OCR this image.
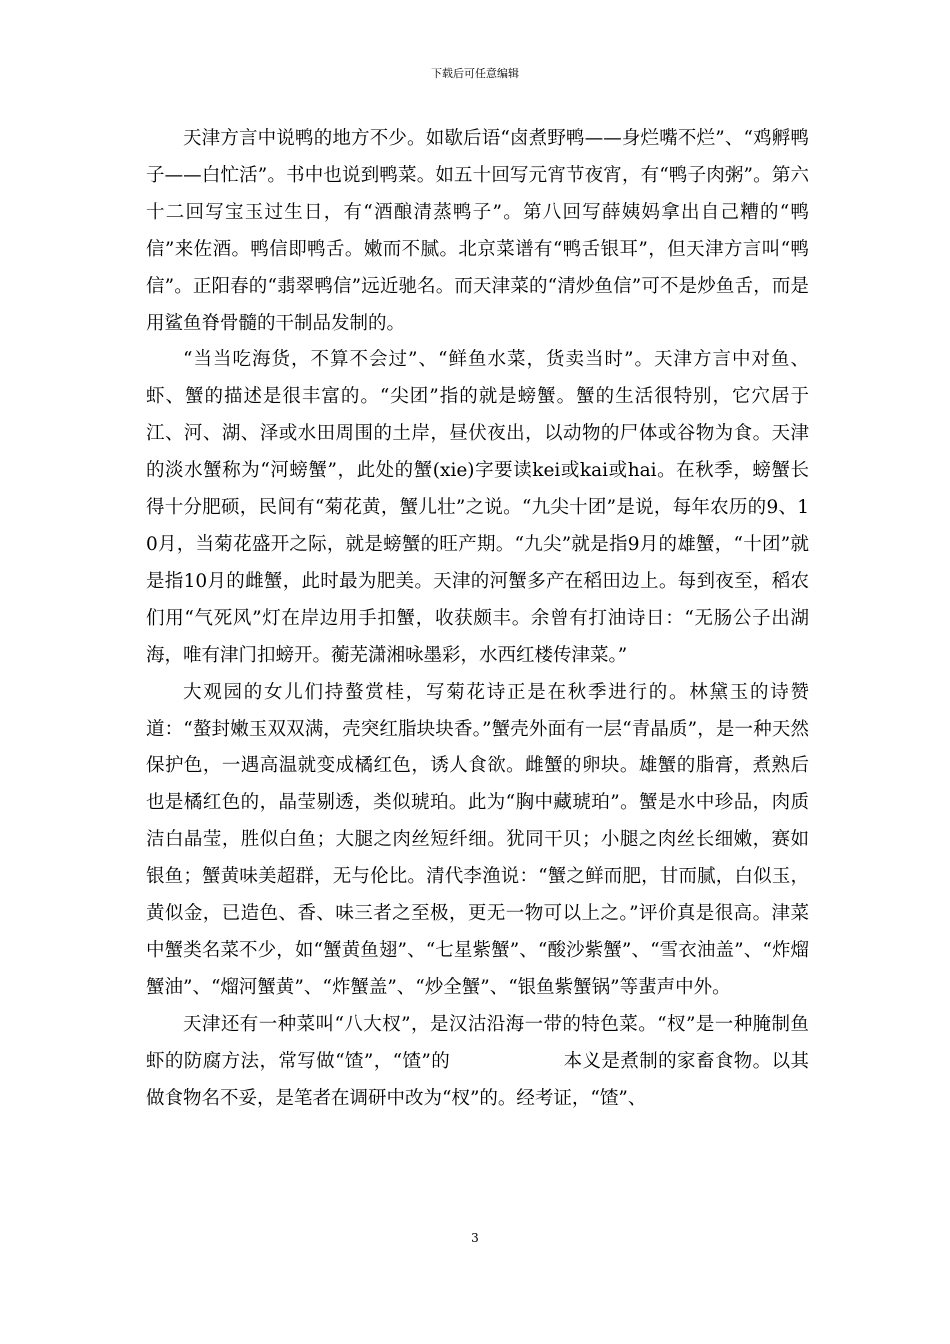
下载后可任意编辑

天津方言中说鸭的地方不少。如歇后语“卤煮野鸭——身烂嘴不烂”、“鸡孵鸭子——白忙活”。书中也说到鸭菜。如五十回写元宵节夜宵，有“鸭子肉粥”。第六十二回写宝玉过生日，有“酒酿清蒸鸭子”。第八回写薛姨妈拿出自己糟的“鸭信”来佐酒。鸭信即鸭舌。嫩而不腻。北京菜谱有“鸭舌银耳”，但天津方言叫“鸭信”。正阳春的“翡翠鸭信”远近驰名。而天津菜的“清炒鱼信”可不是炒鱼舌，而是用鲨鱼脊骨髓的干制品发制的。

“当当吃海货，不算不会过”、“鲜鱼水菜，货卖当时”。天津方言中对鱼、虾、蟹的描述是很丰富的。“尖团”指的就是螃蟹。蟹的生活很特别，它穴居于江、河、湖、泽或水田周围的土岸，昼伏夜出，以动物的尸体或谷物为食。天津的淡水蟹称为“河螃蟹”，此处的蟹(xie)字要读kei或kai或hai。在秋季，螃蟹长得十分肥硕，民间有“菊花黄，蟹儿壮”之说。“九尖十团”是说，每年农历的9、10月，当菊花盛开之际，就是螃蟹的旺产期。“九尖”就是指9月的雄蟹，“十团”就是指10月的雌蟹，此时最为肥美。天津的河蟹多产在稻田边上。每到夜至，稻农们用“气死风”灯在岸边用手扣蟹，收获颇丰。余曾有打油诗日：“无肠公子出湖海，唯有津门扣螃开。蘅芜潇湘咏墨彩，水西红楼传津菜。”

大观园的女儿们持螯赏桂，写菊花诗正是在秋季进行的。林黛玉的诗赞道：“螯封嫩玉双双满，壳突红脂块块香。”蟹壳外面有一层“青晶质”，是一种天然保护色，一遇高温就变成橘红色，诱人食欲。雌蟹的卵块。雄蟹的脂膏，煮熟后也是橘红色的，晶莹剔透，类似琥珀。此为“胸中藏琥珀”。蟹是水中珍品，肉质洁白晶莹，胜似白鱼；大腿之肉丝短纤细。犹同干贝；小腿之肉丝长细嫩，赛如银鱼；蟹黄味美超群，无与伦比。清代李渔说：“蟹之鲜而肥，甘而腻，白似玉，黄似金，已造色、香、味三者之至极，更无一物可以上之。”评价真是很高。津菜中蟹类名菜不少，如“蟹黄鱼翅”、“七星紫蟹”、“酸沙紫蟹”、“雪衣油盖”、“炸熘蟹油”、“熘河蟹黄”、“炸蟹盖”、“炒全蟹”、“银鱼紫蟹锅”等蜚声中外。

天津还有一种菜叫“八大杈”，是汉沽沿海一带的特色菜。“杈”是一种腌制鱼虾的防腐方法，常写做“馇”，“馇”的　　　　　　本义是煮制的家畜食物。以其做食物名不妥，是笔者在调研中改为“杈”的。经考证，“馇”、

3
